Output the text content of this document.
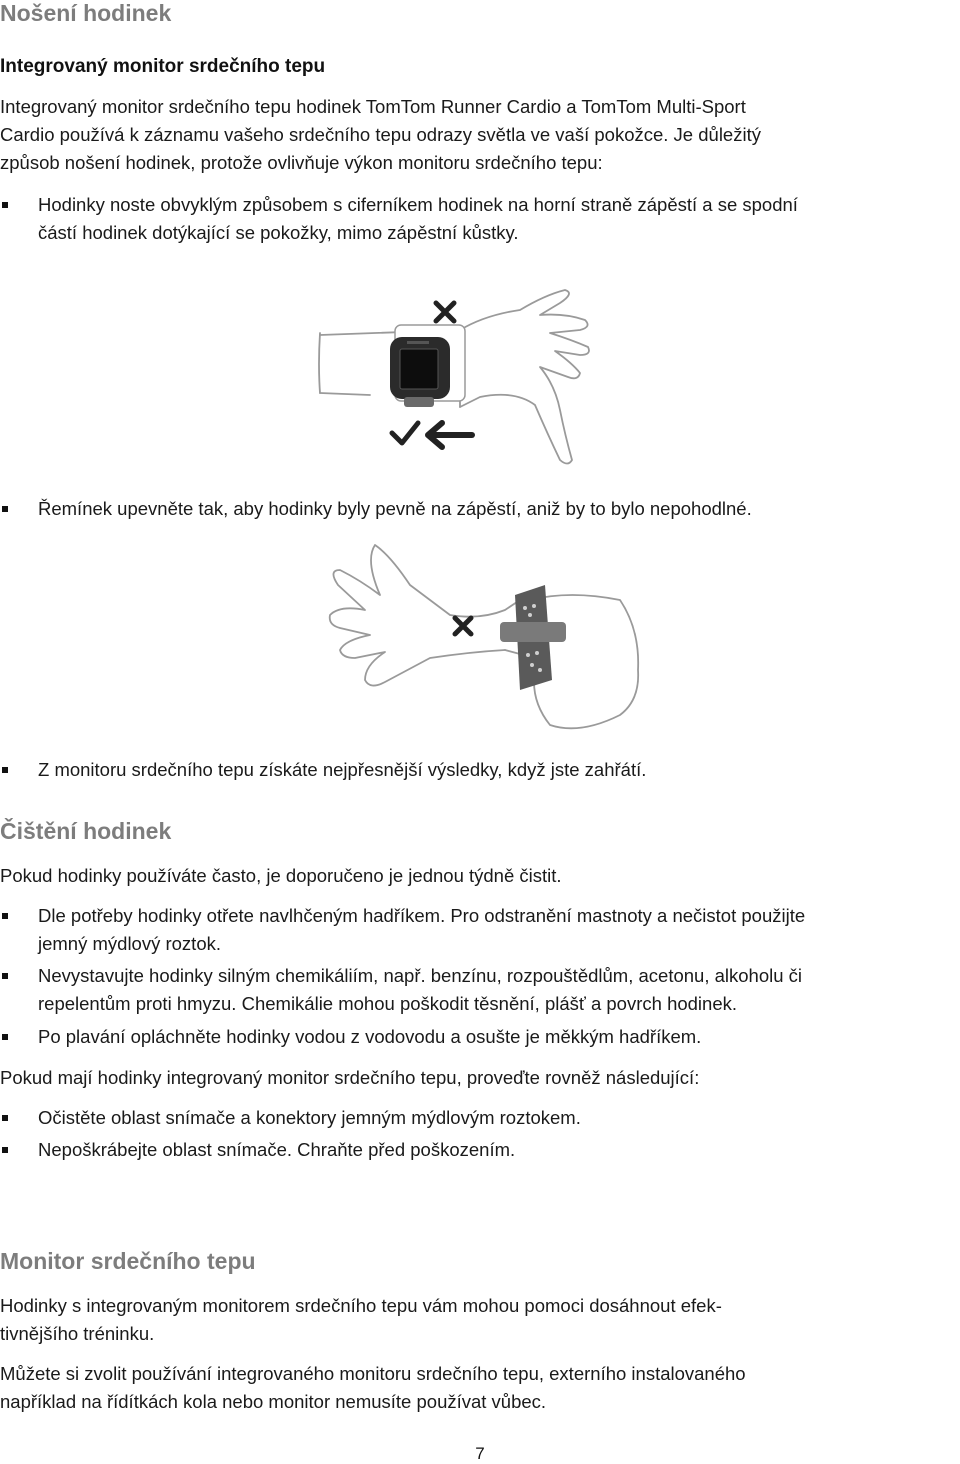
Nošení hodinek
Integrovaný monitor srdečního tepu
Integrovaný monitor srdečního tepu hodinek TomTom Runner Cardio a TomTom Multi-Sport
Cardio používá k záznamu vašeho srdečního tepu odrazy světla ve vaší pokožce. Je důležitý
způsob nošení hodinek, protože ovlivňuje výkon monitoru srdečního tepu:
Hodinky noste obvyklým způsobem s ciferníkem hodinek na horní straně zápěstí a se spodní
částí hodinek dotýkající se pokožky, mimo zápěstní kůstky.
Řemínek upevněte tak, aby hodinky byly pevně na zápěstí, aniž by to bylo nepohodlné.
Z monitoru srdečního tepu získáte nejpřesnější výsledky, když jste zahřátí.
Čištění hodinek
Pokud hodinky používáte často, je doporučeno je jednou týdně čistit.
Dle potřeby hodinky otřete navlhčeným hadříkem. Pro odstranění mastnoty a nečistot použijte
jemný mýdlový roztok.
Nevystavujte hodinky silným chemikáliím, např. benzínu, rozpouštědlům, acetonu, alkoholu či
repelentům proti hmyzu. Chemikálie mohou poškodit těsnění, plášť a povrch hodinek.
Po plavání opláchněte hodinky vodou z vodovodu a osušte je měkkým hadříkem.
Pokud mají hodinky integrovaný monitor srdečního tepu, proveďte rovněž následující:
Očistěte oblast snímače a konektory jemným mýdlovým roztokem.
Nepoškrábejte oblast snímače. Chraňte před poškozením.
Monitor srdečního tepu
Hodinky s integrovaným monitorem srdečního tepu vám mohou pomoci dosáhnout efek-
tivnějšího tréninku.
Můžete si zvolit používání integrovaného monitoru srdečního tepu, externího instalovaného
například na řídítkách kola nebo monitor nemusíte používat vůbec.
7
